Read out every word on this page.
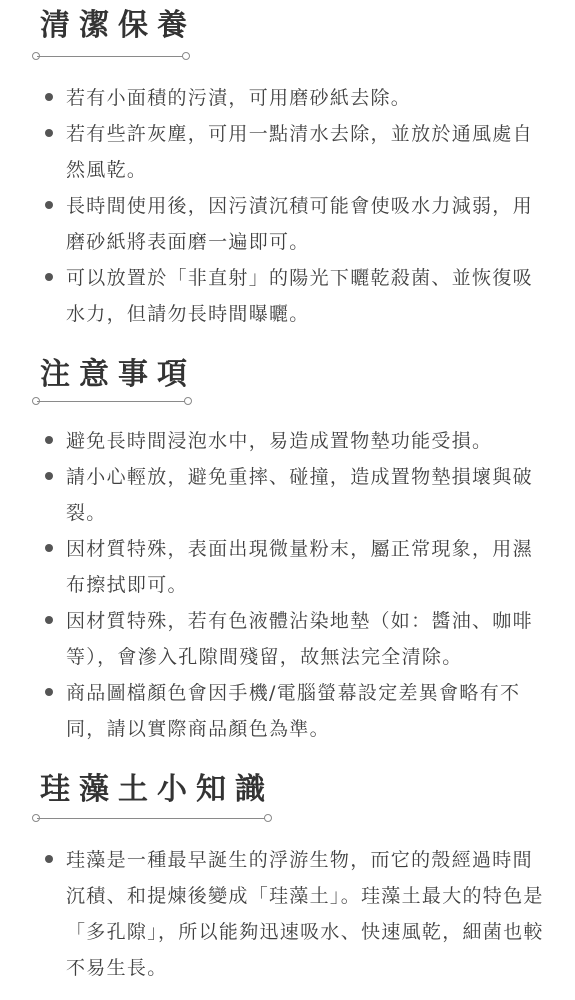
清潔保養
若有小面積的污漬，可用磨砂紙去除。
若有些許灰塵，可用一點清水去除，並放於通風處自然風乾。
長時間使用後，因污漬沉積可能會使吸水力減弱，用磨砂紙將表面磨一遍即可。
可以放置於「非直射」的陽光下曬乾殺菌、並恢復吸水力，但請勿長時間曝曬。
注意事項
避免長時間浸泡水中，易造成置物墊功能受損。
請小心輕放，避免重摔、碰撞，造成置物墊損壞與破裂。
因材質特殊，表面出現微量粉末，屬正常現象，用濕布擦拭即可。
因材質特殊，若有色液體沾染地墊（如：醬油、咖啡等），會滲入孔隙間殘留，故無法完全清除。
商品圖檔顏色會因手機/電腦螢幕設定差異會略有不同，請以實際商品顏色為準。
珪藻土小知識
珪藻是一種最早誕生的浮游生物，而它的殼經過時間沉積、和提煉後變成「珪藻土」。珪藻土最大的特色是「多孔隙」，所以能夠迅速吸水、快速風乾，細菌也較不易生長。
